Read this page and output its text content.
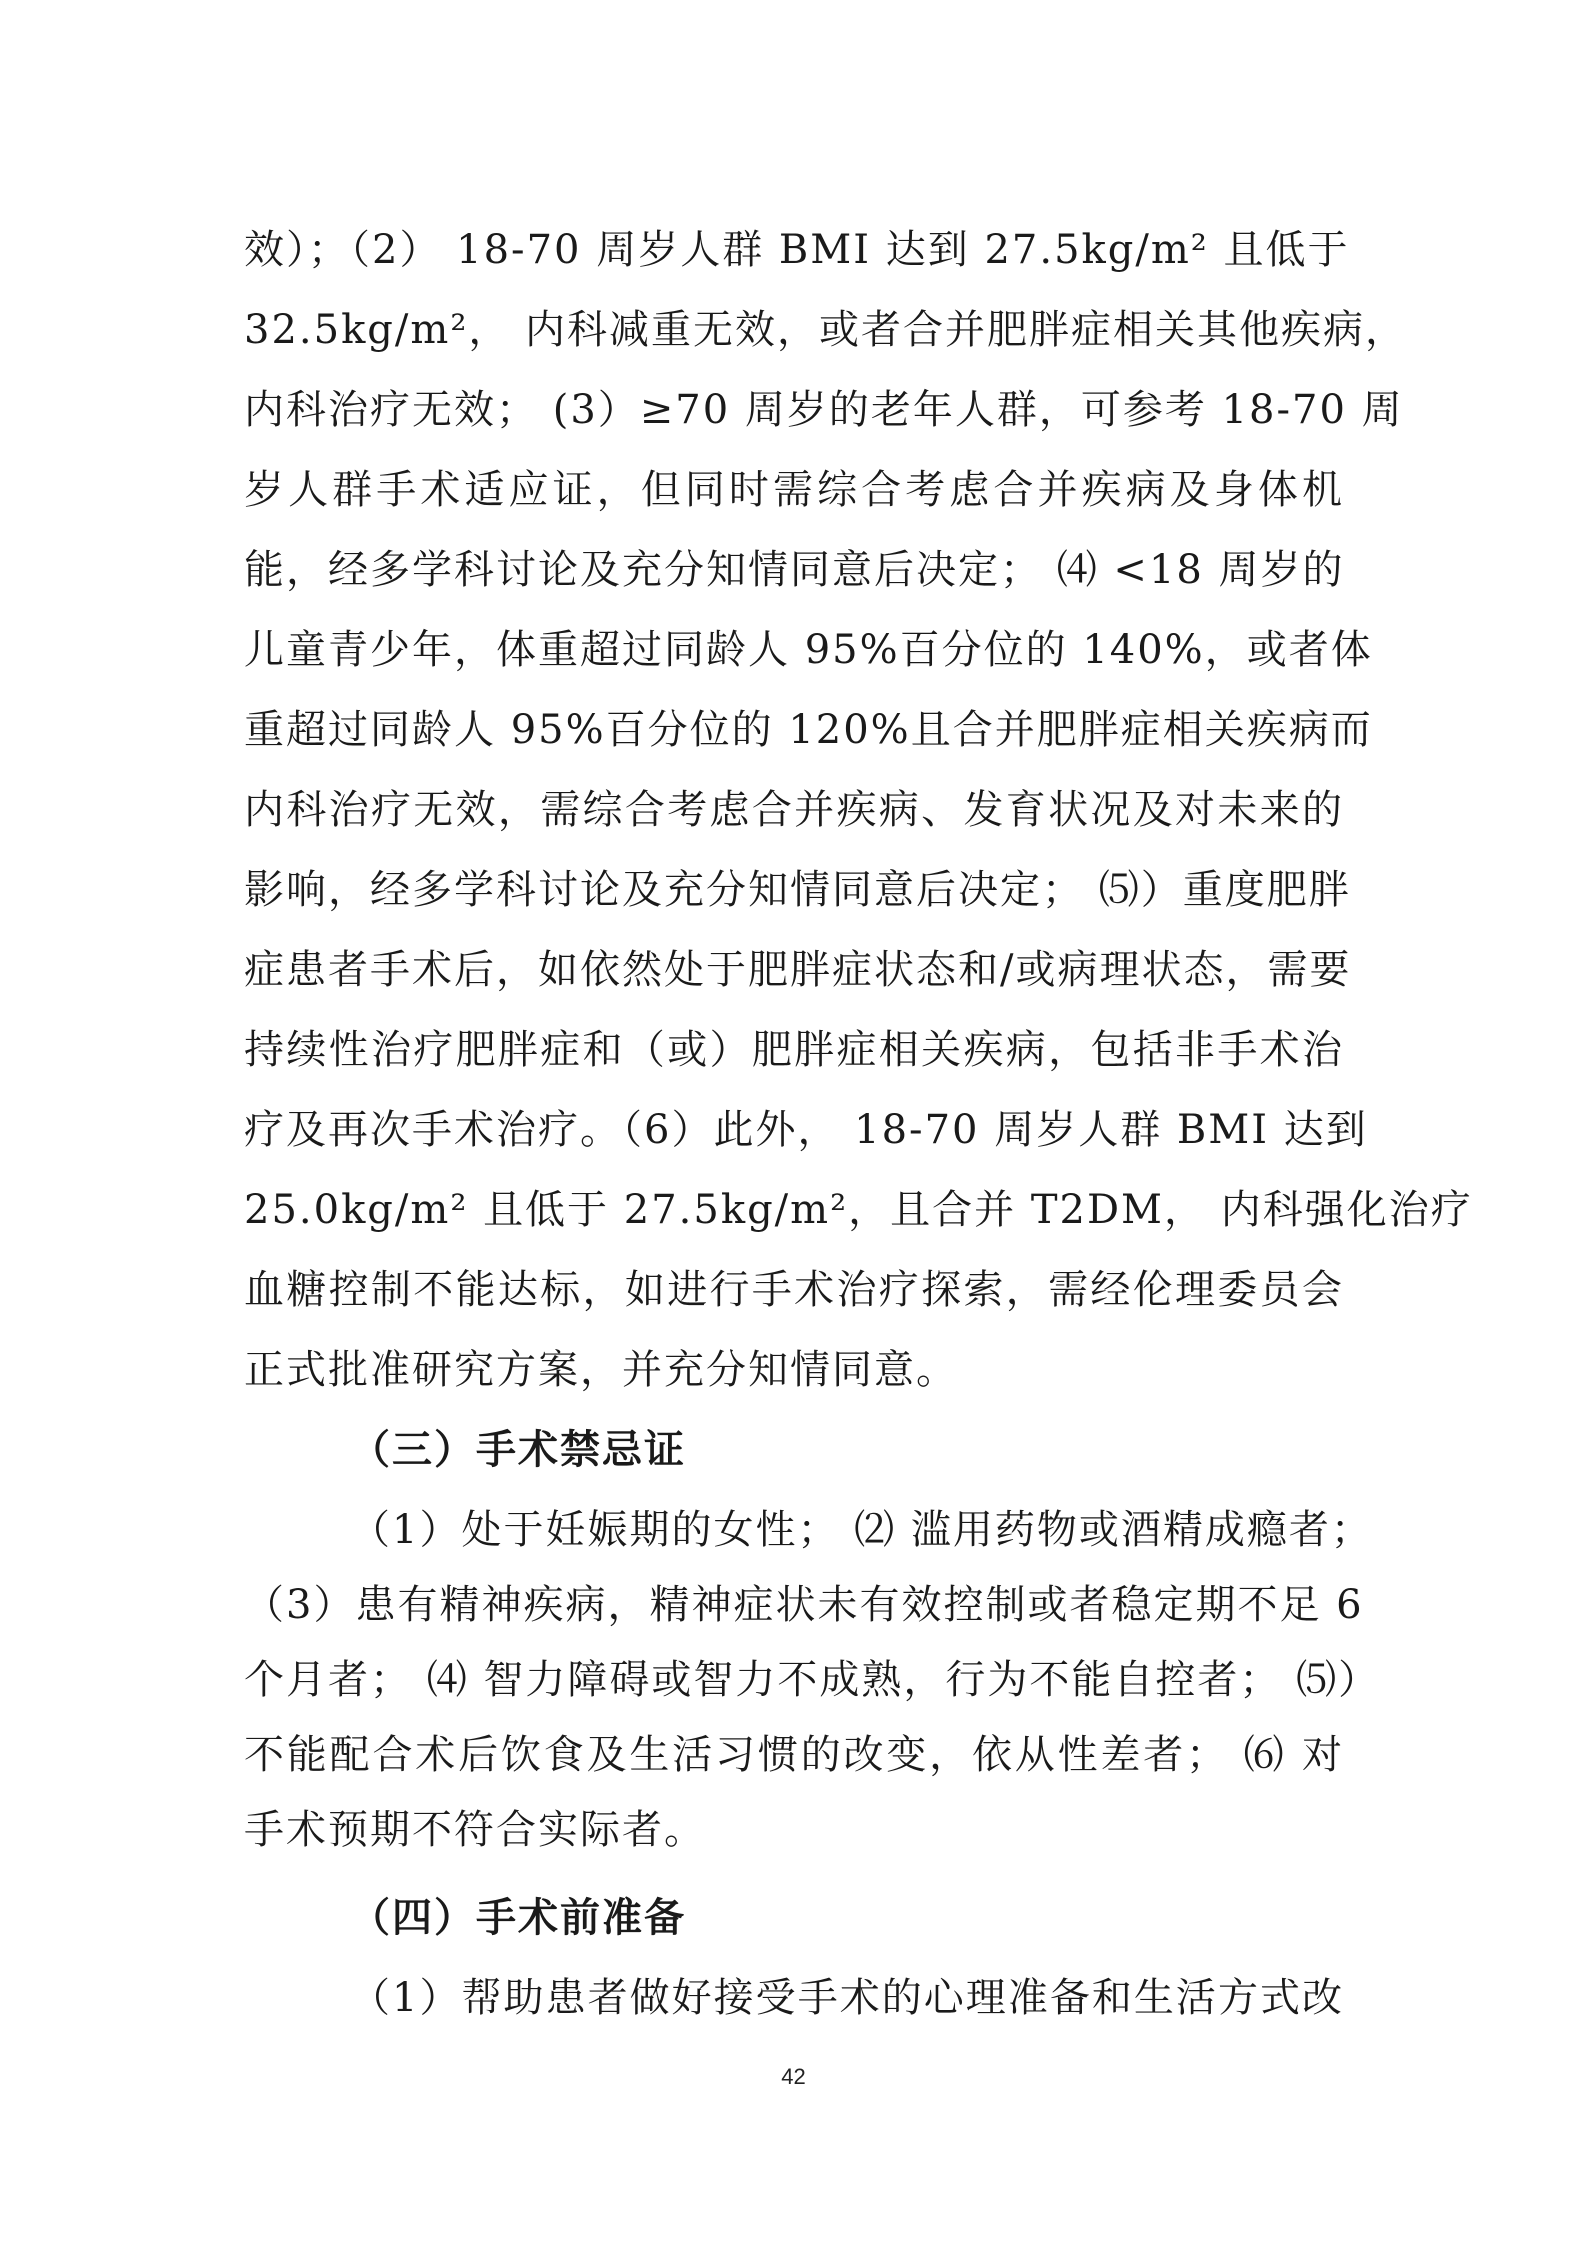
效）；（2） 18-70 周岁人群 BMI 达到 27.5kg/m² 且低于
32.5kg/m²， 内科减重无效，或者合并肥胖症相关其他疾病，
内科治疗无效； (3）≥70 周岁的老年人群，可参考 18-70 周
岁人群手术适应证，但同时需综合考虑合并疾病及身体机
能，经多学科讨论及充分知情同意后决定； ⑷ <18 周岁的
儿童青少年，体重超过同龄人 95%百分位的 140%，或者体
重超过同龄人 95%百分位的 120%且合并肥胖症相关疾病而
内科治疗无效，需综合考虑合并疾病、发育状况及对未来的
影响，经多学科讨论及充分知情同意后决定； ⑸）重度肥胖
症患者手术后，如依然处于肥胖症状态和/或病理状态，需要
持续性治疗肥胖症和（或）肥胖症相关疾病，包括非手术治
疗及再次手术治疗。（6）此外， 18-70 周岁人群 BMI 达到
25.0kg/m² 且低于 27.5kg/m²，且合并 T2DM， 内科强化治疗
血糖控制不能达标，如进行手术治疗探索，需经伦理委员会
正式批准研究方案，并充分知情同意。
（三）手术禁忌证
（1）处于妊娠期的女性； ⑵ 滥用药物或酒精成瘾者；
（3）患有精神疾病，精神症状未有效控制或者稳定期不足 6
个月者； ⑷ 智力障碍或智力不成熟，行为不能自控者； ⑸）
不能配合术后饮食及生活习惯的改变，依从性差者； ⑹ 对
手术预期不符合实际者。
（四）手术前准备
（1）帮助患者做好接受手术的心理准备和生活方式改
42
